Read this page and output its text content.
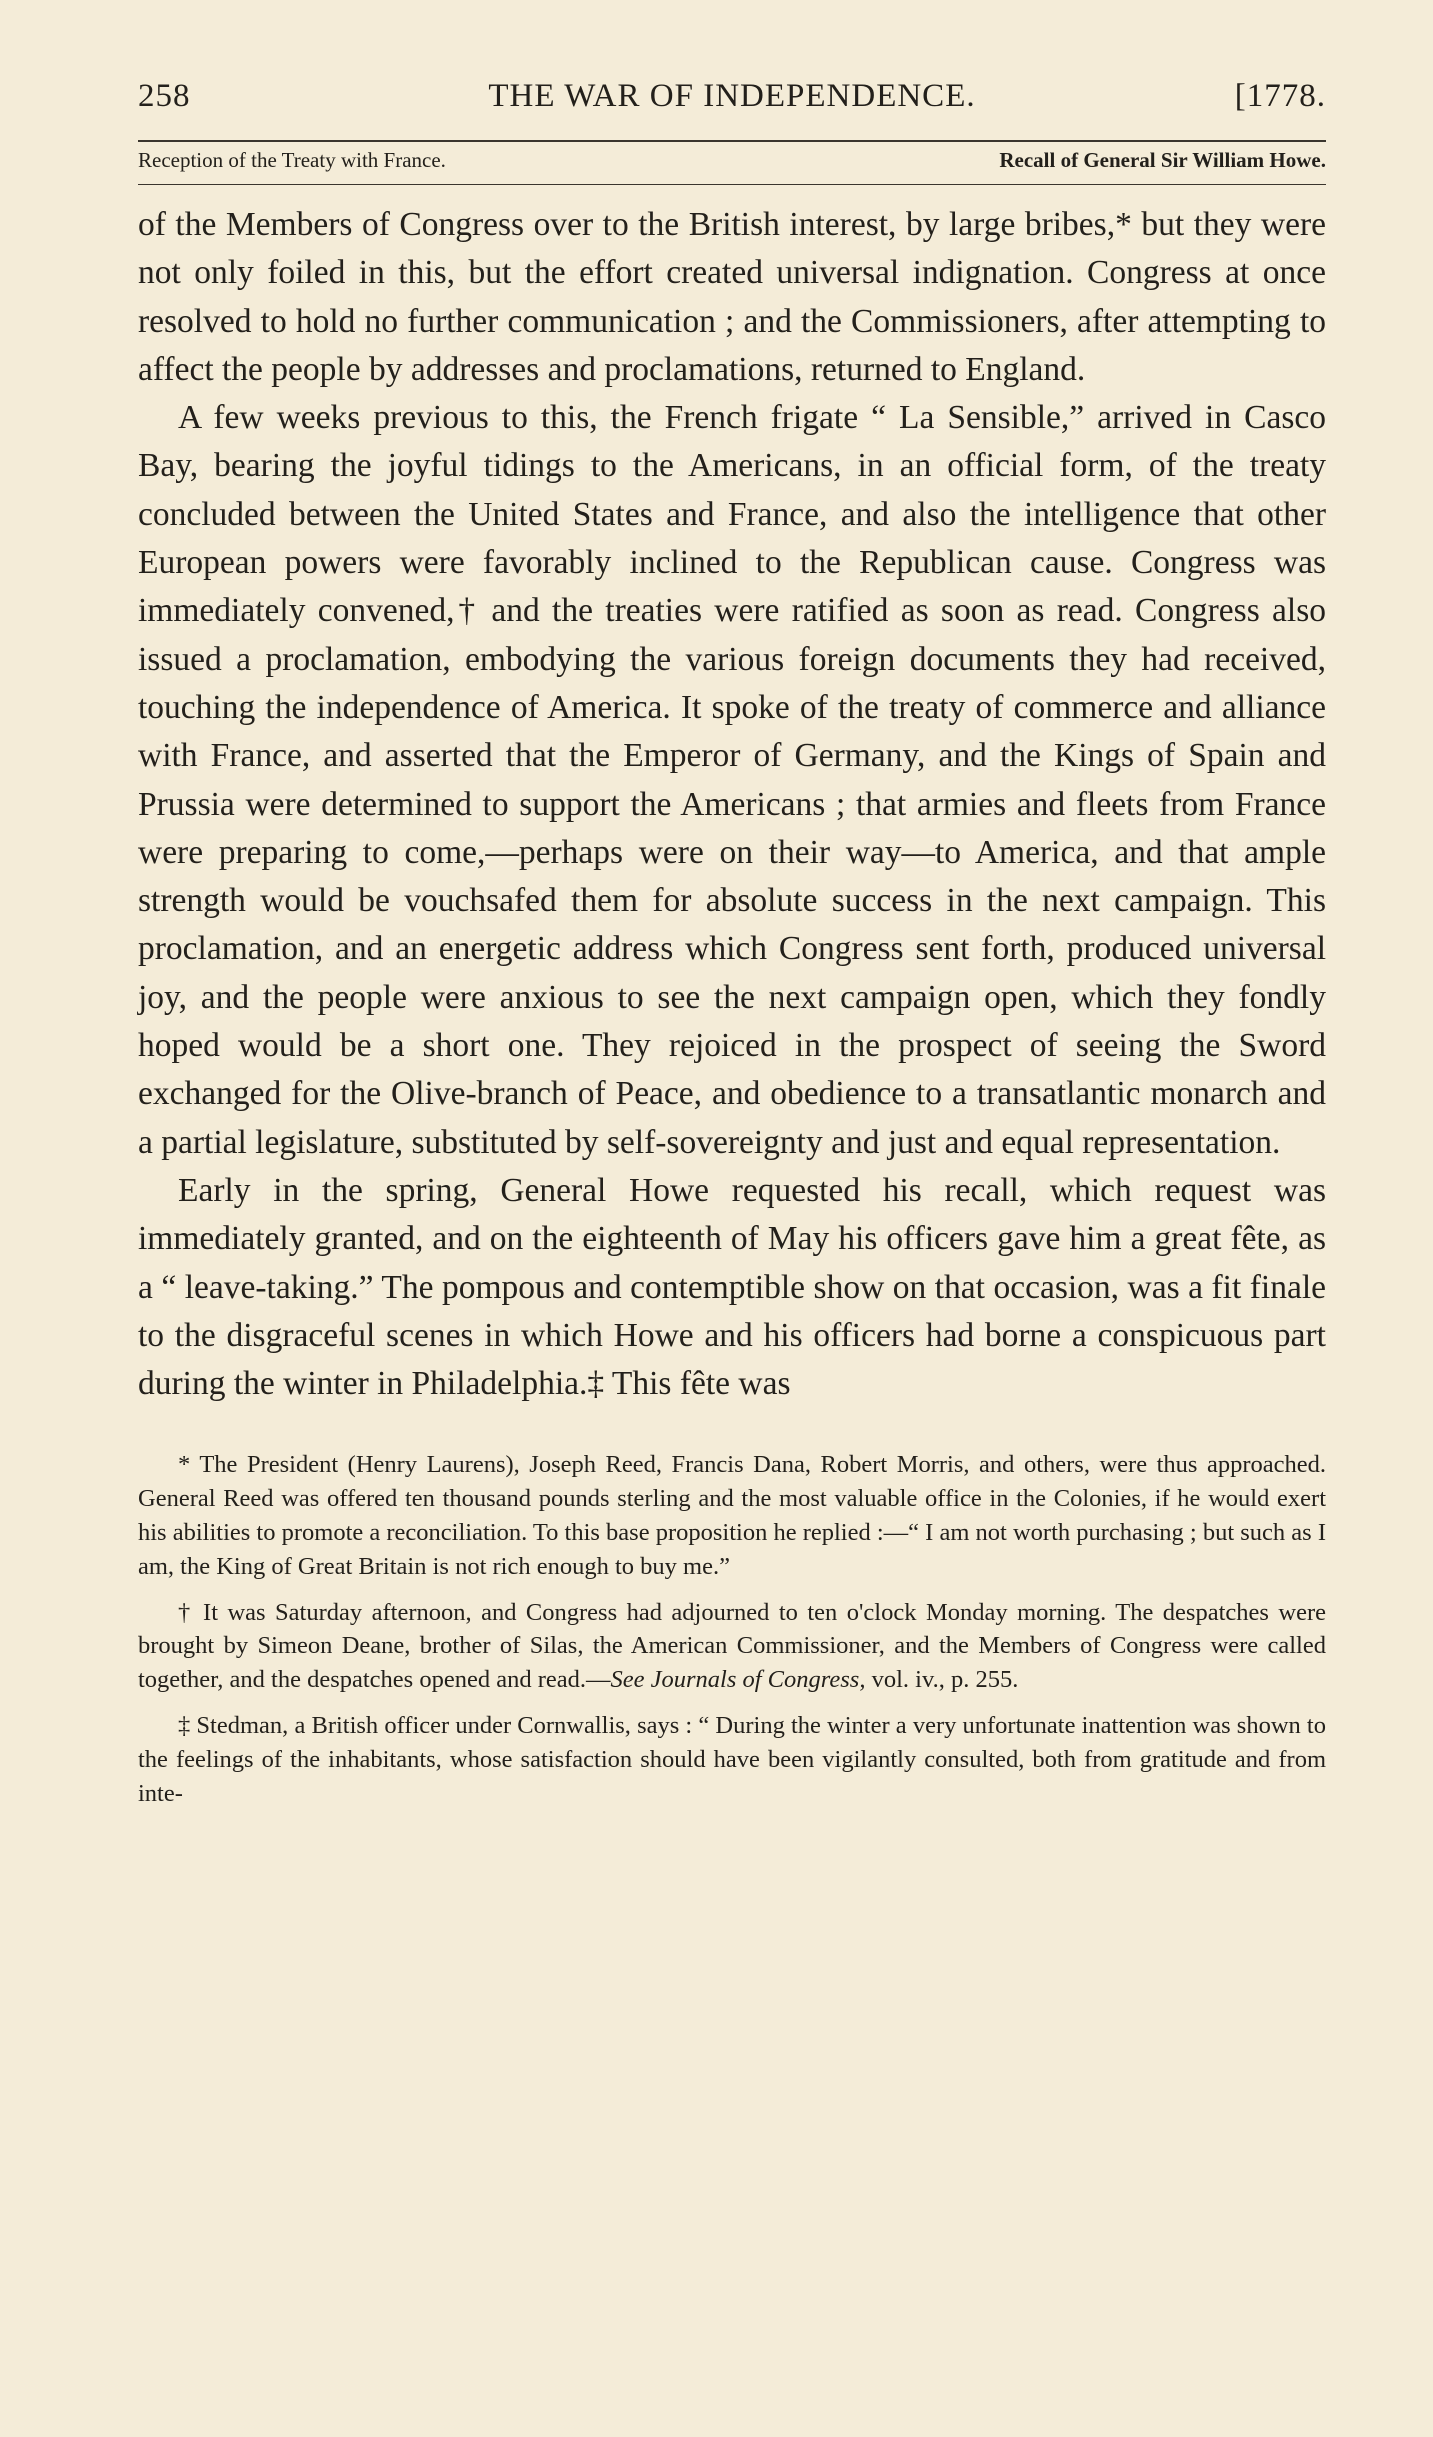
258	THE WAR OF INDEPENDENCE.	[1778.
Reception of the Treaty with France.	Recall of General Sir William Howe.

of the Members of Congress over to the British interest, by large bribes,* but they were not only foiled in this, but the effort created universal indignation. Congress at once resolved to hold no further communication ; and the Commissioners, after attempting to affect the people by addresses and proclamations, returned to England.

A few weeks previous to this, the French frigate “ La Sensible,” arrived in Casco Bay, bearing the joyful tidings to the Americans, in an official form, of the treaty concluded between the United States and France, and also the intelligence that other European powers were favorably inclined to the Republican cause. Congress was immediately convened,† and the treaties were ratified as soon as read. Congress also issued a proclamation, embodying the various foreign documents they had received, touching the independence of America. It spoke of the treaty of commerce and alliance with France, and asserted that the Emperor of Germany, and the Kings of Spain and Prussia were determined to support the Americans ; that armies and fleets from France were preparing to come,—perhaps were on their way—to America, and that ample strength would be vouchsafed them for absolute success in the next campaign. This proclamation, and an energetic address which Congress sent forth, produced universal joy, and the people were anxious to see the next campaign open, which they fondly hoped would be a short one. They rejoiced in the prospect of seeing the Sword exchanged for the Olive-branch of Peace, and obedience to a transatlantic monarch and a partial legislature, substituted by self-sovereignty and just and equal representation.

Early in the spring, General Howe requested his recall, which request was immediately granted, and on the eighteenth of May his officers gave him a great fête, as a “ leave-taking.” The pompous and contemptible show on that occasion, was a fit finale to the disgraceful scenes in which Howe and his officers had borne a conspicuous part during the winter in Philadelphia.‡ This fête was

* The President (Henry Laurens), Joseph Reed, Francis Dana, Robert Morris, and others, were thus approached. General Reed was offered ten thousand pounds sterling and the most valuable office in the Colonies, if he would exert his abilities to promote a reconciliation. To this base proposition he replied :—“ I am not worth purchasing ; but such as I am, the King of Great Britain is not rich enough to buy me.”

† It was Saturday afternoon, and Congress had adjourned to ten o'clock Monday morning. The despatches were brought by Simeon Deane, brother of Silas, the American Commissioner, and the Members of Congress were called together, and the despatches opened and read.—See Journals of Congress, vol. iv., p. 255.

‡ Stedman, a British officer under Cornwallis, says : “ During the winter a very unfortunate inattention was shown to the feelings of the inhabitants, whose satisfaction should have been vigilantly consulted, both from gratitude and from inte-
